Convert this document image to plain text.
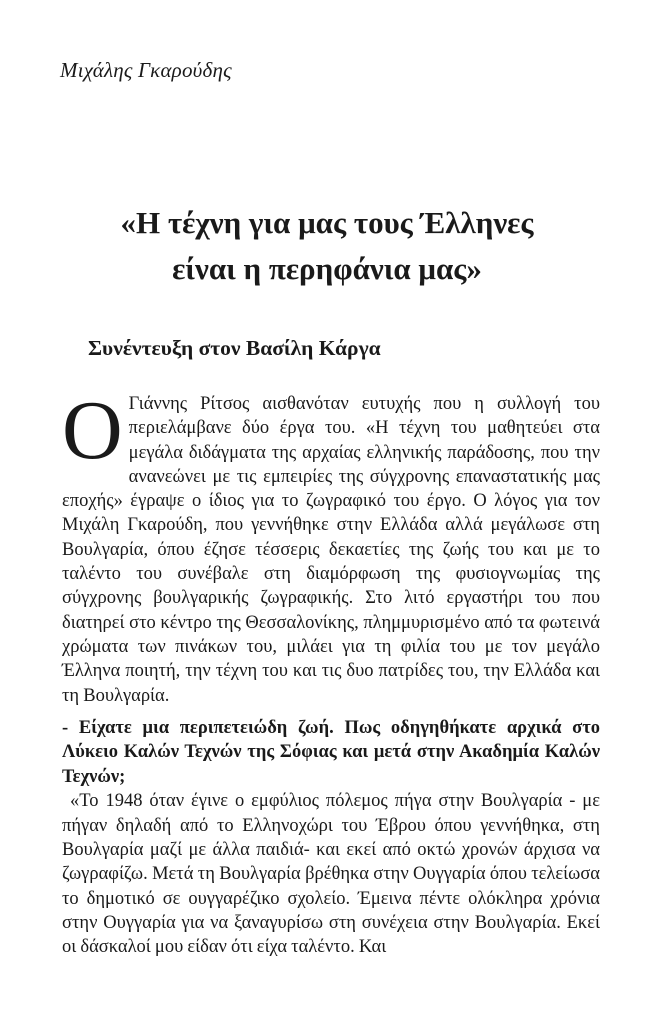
Μιχάλης Γκαρούδης
«Η τέχνη για μας τους Έλληνες
είναι η περηφάνια μας»
Συνέντευξη στον Βασίλη Κάργα

Ο Γιάννης Ρίτσος αισθανόταν ευτυχής που η συλλογή του περιελάμβανε δύο έργα του. «Η τέχνη του μαθητεύει στα μεγάλα διδάγματα της αρχαίας ελληνικής παράδοσης, που την ανανεώνει με τις εμπειρίες της σύγχρονης επαναστατικής μας εποχής» έγραψε ο ίδιος για το ζωγραφικό του έργο. Ο λόγος για τον Μιχάλη Γκαρούδη, που γεννήθηκε στην Ελλάδα αλλά μεγάλωσε στη Βουλγαρία, όπου έζησε τέσσερις δεκαετίες της ζωής του και με το ταλέντο του συνέβαλε στη διαμόρφωση της φυσιογνωμίας της σύγχρονης βουλγαρικής ζωγραφικής. Στο λιτό εργαστήρι του που διατηρεί στο κέντρο της Θεσσαλονίκης, πλημμυρισμένο από τα φωτεινά χρώματα των πινάκων του, μιλάει για τη φιλία του με τον μεγάλο Έλληνα ποιητή, την τέχνη του και τις δυο πατρίδες του, την Ελλάδα και τη Βουλγαρία.

- Είχατε μια περιπετειώδη ζωή. Πως οδηγηθήκατε αρχικά στο Λύκειο Καλών Τεχνών της Σόφιας και μετά στην Ακαδημία Καλών Τεχνών;

«Το 1948 όταν έγινε ο εμφύλιος πόλεμος πήγα στην Βουλγαρία - με πήγαν δηλαδή από το Ελληνοχώρι του Έβρου όπου γεννήθηκα, στη Βουλγαρία μαζί με άλλα παιδιά- και εκεί από οκτώ χρονών άρχισα να ζωγραφίζω. Μετά τη Βουλγαρία βρέθηκα στην Ουγγαρία όπου τελείωσα το δημοτικό σε ουγγαρέζικο σχολείο. Έμεινα πέντε ολόκληρα χρόνια στην Ουγγαρία για να ξαναγυρίσω στη συνέχεια στην Βουλγαρία. Εκεί οι δάσκαλοί μου είδαν ότι είχα ταλέντο. Και
